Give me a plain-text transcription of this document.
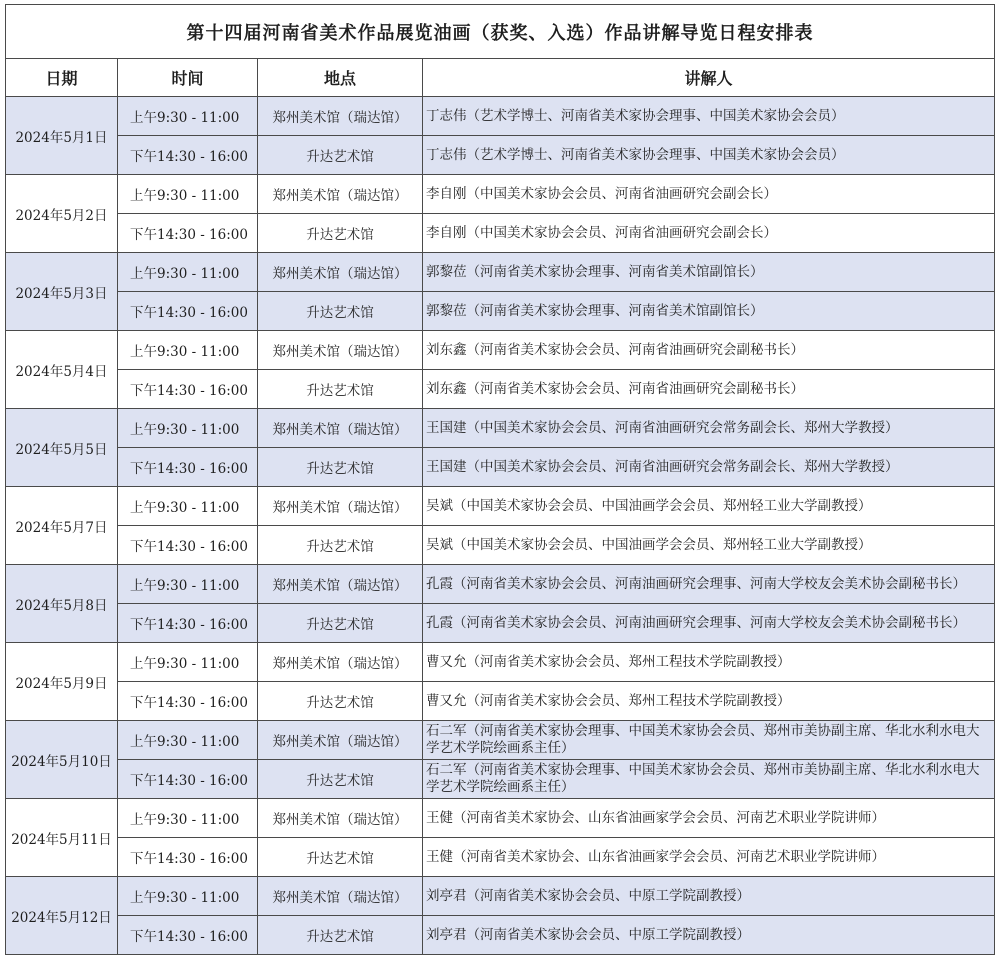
第十四届河南省美术作品展览油画（获奖、入选）作品讲解导览日程安排表			
日期	时间	地点	讲解人
2024年5月1日	上午9:30 - 11:00	郑州美术馆（瑞达馆）	丁志伟（艺术学博士、河南省美术家协会理事、中国美术家协会会员）
	下午14:30 - 16:00	升达艺术馆	丁志伟（艺术学博士、河南省美术家协会理事、中国美术家协会会员）
2024年5月2日	上午9:30 - 11:00	郑州美术馆（瑞达馆）	李自刚（中国美术家协会会员、河南省油画研究会副会长）
	下午14:30 - 16:00	升达艺术馆	李自刚（中国美术家协会会员、河南省油画研究会副会长）
2024年5月3日	上午9:30 - 11:00	郑州美术馆（瑞达馆）	郭黎莅（河南省美术家协会理事、河南省美术馆副馆长）
	下午14:30 - 16:00	升达艺术馆	郭黎莅（河南省美术家协会理事、河南省美术馆副馆长）
2024年5月4日	上午9:30 - 11:00	郑州美术馆（瑞达馆）	刘东鑫（河南省美术家协会会员、河南省油画研究会副秘书长）
	下午14:30 - 16:00	升达艺术馆	刘东鑫（河南省美术家协会会员、河南省油画研究会副秘书长）
2024年5月5日	上午9:30 - 11:00	郑州美术馆（瑞达馆）	王国建（中国美术家协会会员、河南省油画研究会常务副会长、郑州大学教授）
	下午14:30 - 16:00	升达艺术馆	王国建（中国美术家协会会员、河南省油画研究会常务副会长、郑州大学教授）
2024年5月7日	上午9:30 - 11:00	郑州美术馆（瑞达馆）	吴斌（中国美术家协会会员、中国油画学会会员、郑州轻工业大学副教授）
	下午14:30 - 16:00	升达艺术馆	吴斌（中国美术家协会会员、中国油画学会会员、郑州轻工业大学副教授）
2024年5月8日	上午9:30 - 11:00	郑州美术馆（瑞达馆）	孔霞（河南省美术家协会会员、河南油画研究会理事、河南大学校友会美术协会副秘书长）
	下午14:30 - 16:00	升达艺术馆	孔霞（河南省美术家协会会员、河南油画研究会理事、河南大学校友会美术协会副秘书长）
2024年5月9日	上午9:30 - 11:00	郑州美术馆（瑞达馆）	曹又允（河南省美术家协会会员、郑州工程技术学院副教授）
	下午14:30 - 16:00	升达艺术馆	曹又允（河南省美术家协会会员、郑州工程技术学院副教授）
2024年5月10日	上午9:30 - 11:00	郑州美术馆（瑞达馆）	石二军（河南省美术家协会理事、中国美术家协会会员、郑州市美协副主席、华北水利水电大学艺术学院绘画系主任）
	下午14:30 - 16:00	升达艺术馆	石二军（河南省美术家协会理事、中国美术家协会会员、郑州市美协副主席、华北水利水电大学艺术学院绘画系主任）
2024年5月11日	上午9:30 - 11:00	郑州美术馆（瑞达馆）	王健（河南省美术家协会、山东省油画家学会会员、河南艺术职业学院讲师）
	下午14:30 - 16:00	升达艺术馆	王健（河南省美术家协会、山东省油画家学会会员、河南艺术职业学院讲师）
2024年5月12日	上午9:30 - 11:00	郑州美术馆（瑞达馆）	刘亭君（河南省美术家协会会员、中原工学院副教授）
	下午14:30 - 16:00	升达艺术馆	刘亭君（河南省美术家协会会员、中原工学院副教授）
